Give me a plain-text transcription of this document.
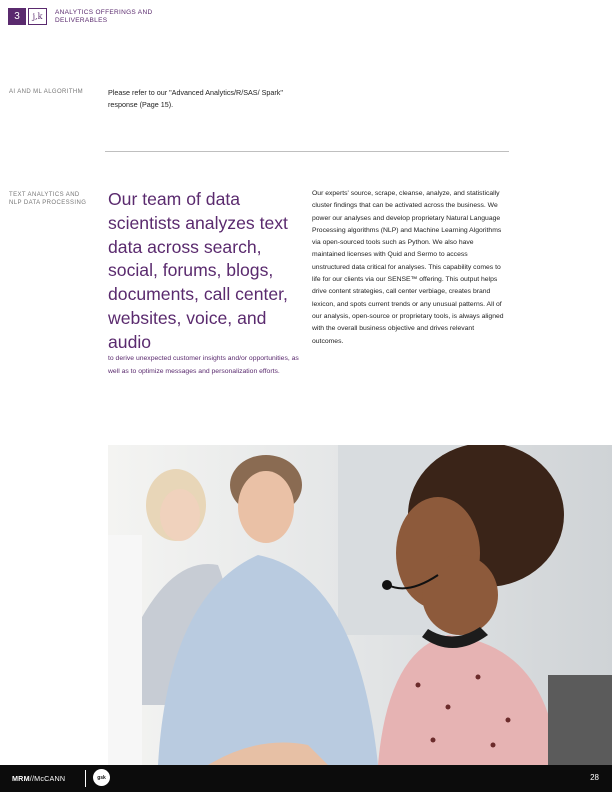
3	j,k	ANALYTICS OFFERINGS AND DELIVERABLES
AI AND ML ALGORITHM	Please refer to our "Advanced Analytics/R/SAS/ Spark" response (Page 15).
TEXT ANALYTICS AND NLP DATA PROCESSING Our team of data scientists analyzes text data across search, social, forums, blogs, documents, call center, websites, voice, and audio
to derive unexpected customer insights and/or opportunities, as well as to optimize messages and personalization efforts.
Our experts' source, scrape, cleanse, analyze, and statistically cluster findings that can be activated across the business. We power our analyses and develop proprietary Natural Language Processing algorithms (NLP) and Machine Learning Algorithms via open-sourced tools such as Python. We also have maintained licenses with Quid and Sermo to access unstructured data critical for analyses. This capability comes to life for our clients via our SENSE™ offering. This output helps drive content strategies, call center verbiage, creates brand lexicon, and spots current trends or any unusual patterns. All of our analysis, open-source or proprietary tools, is always aligned with the overall business objective and drives relevant outcomes.
MRM//McCANN	gsk	28
